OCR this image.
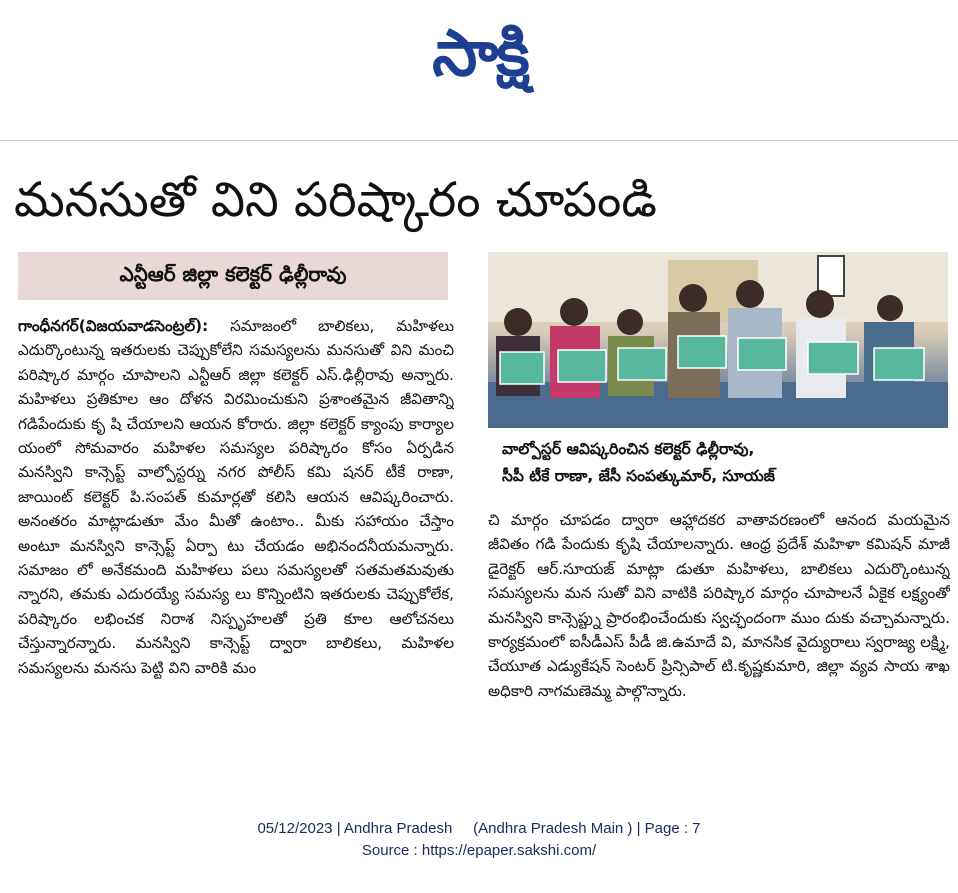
సాక్షి
మనసుతో విని పరిష్కారం చూపండి
ఎన్టీఆర్ జిల్లా కలెక్టర్ ఢిల్లీరావు
గాంధీనగర్(విజయవాడసెంట్రల్): సమాజంలో బాలికలు, మహిళలు ఎదుర్కొంటున్న ఇతరులకు చెప్పుకోలేని సమస్యలను మనసుతో విని మంచి పరిష్కార మార్గం చూపాలని ఎన్టీఆర్ జిల్లా కలెక్టర్ ఎస్.ఢిల్లీరావు అన్నారు. మహిళలు ప్రతికూల ఆం దోళన విరమించుకుని ప్రశాంతమైన జీవితాన్ని గడిపేందుకు కృ షి చేయాలని ఆయన కోరారు. జిల్లా కలెక్టర్ క్యాంపు కార్యాల యంలో సోమవారం మహిళల సమస్యల పరిష్కారం కోసం ఏర్పడిన మనస్విని కాన్సెప్ట్ వాల్పోస్టర్ను నగర పోలీస్ కమి షనర్ టీకే రాణా, జాయింట్ కలెక్టర్ పి.సంపత్ కుమార్లతో కలిసి ఆయన ఆవిష్కరించారు. అనంతరం మాట్లాడుతూ మేం మీతో ఉంటాం.. మీకు సహాయం చేస్తాం అంటూ మనస్విని కాన్సెప్ట్ ఏర్పా టు చేయడం అభినందనీయమన్నారు. సమాజం లో అనేకమంది మహిళలు పలు సమస్యలతో సతమతమవుతు న్నారని, తమకు ఎదురయ్యే సమస్య లు కొన్నింటిని ఇతరులకు చెప్పుకోలేక, పరిష్కారం లభించక నిరాశ నిస్పృహలతో ప్రతి కూల ఆలోచనలు చేస్తున్నారన్నారు. మనస్విని కాన్సెప్ట్ ద్వారా బాలికలు, మహిళల సమస్యలను మనసు పెట్టి విని వారికి మం
వాల్పోస్టర్ ఆవిష్కరించిన కలెక్టర్ ఢిల్లీరావు,
సీపీ టీకే రాణా, జేసీ సంపత్కుమార్, సూయజ్
చి మార్గం చూపడం ద్వారా ఆహ్లాదకర వాతావరణంలో ఆనంద మయమైన జీవితం గడి పేందుకు కృషి చేయాలన్నారు. ఆంధ్ర ప్రదేశ్ మహిళా కమిషన్ మాజీ డైరెక్టర్ ఆర్.సూయజ్ మాట్లా డుతూ మహిళలు, బాలికలు ఎదుర్కొంటున్న సమస్యలను మన సుతో విని వాటికి పరిష్కార మార్గం చూపాలనే ఏకైక లక్ష్యంతో మనస్విని కాన్సెప్ట్ను ప్రారంభించేందుకు స్వచ్ఛందంగా ముం దుకు వచ్చామన్నారు. కార్యక్రమంలో ఐసీడీఎస్ పీడీ జి.ఉమాదే వి, మానసిక వైద్యురాలు స్వరాజ్య లక్ష్మి, చేయూత ఎడ్యుకేషన్ సెంటర్ ప్రిన్సిపాల్ టి.కృష్ణకుమారి, జిల్లా వ్యవ సాయ శాఖ అధికారి నాగమణెమ్మ పాల్గొన్నారు.
05/12/2023 | Andhra Pradesh     (Andhra Pradesh Main ) | Page : 7
Source : https://epaper.sakshi.com/
